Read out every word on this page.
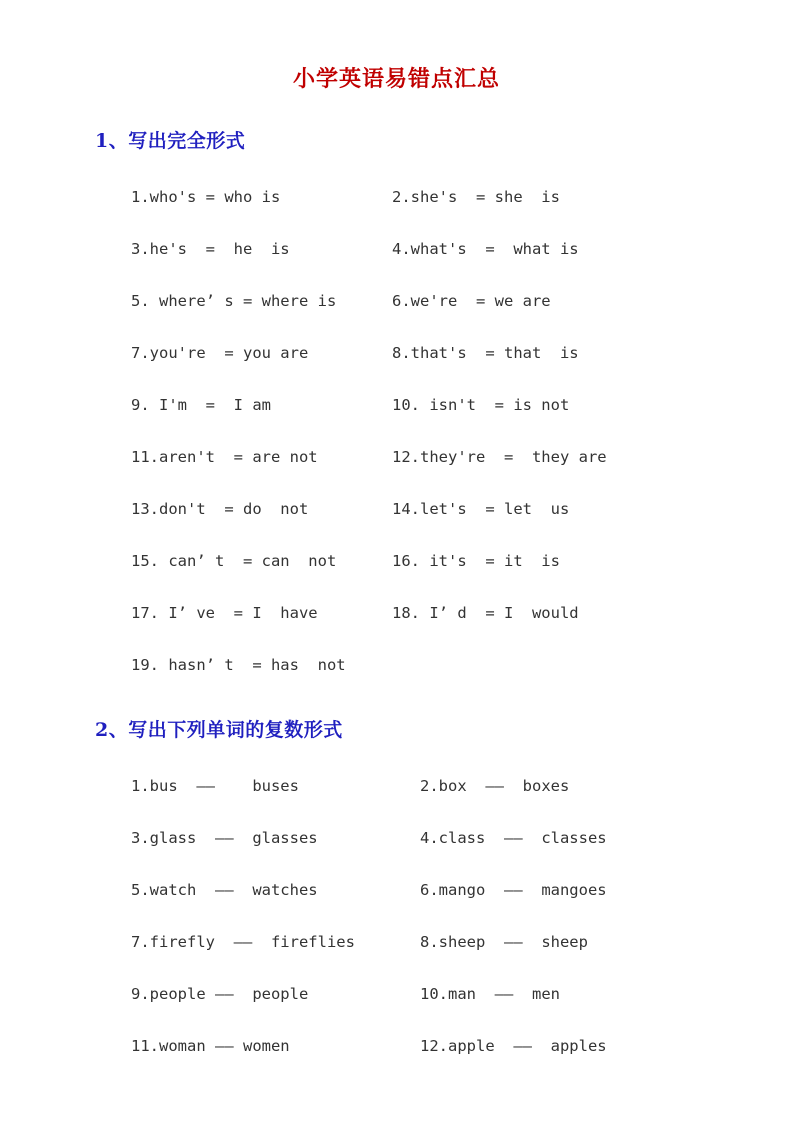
小学英语易错点汇总
1、写出完全形式
1.who's = who is	2.she's  = she  is
3.he's  =  he  is	4.what's  =  what is
5. where’ s = where is	6.we're  = we are
7.you're  = you are	8.that's  = that  is
9. I'm  =  I am	10. isn't  = is not
11.aren't  = are not	12.they're  =  they are
13.don't  = do  not	14.let's  = let  us
15. can’ t  = can  not	16. it's  = it  is
17. I’ ve  = I  have	18. I’ d  = I  would
19. hasn’ t  = has  not
2、写出下列单词的复数形式
1.bus  ——    buses	2.box  ——  boxes
3.glass  ——  glasses	4.class  ——  classes
5.watch  ——  watches	6.mango  ——  mangoes
7.firefly  ——  fireflies	8.sheep  ——  sheep
9.people ——  people	10.man  ——  men
11.woman —— women	12.apple  ——  apples
